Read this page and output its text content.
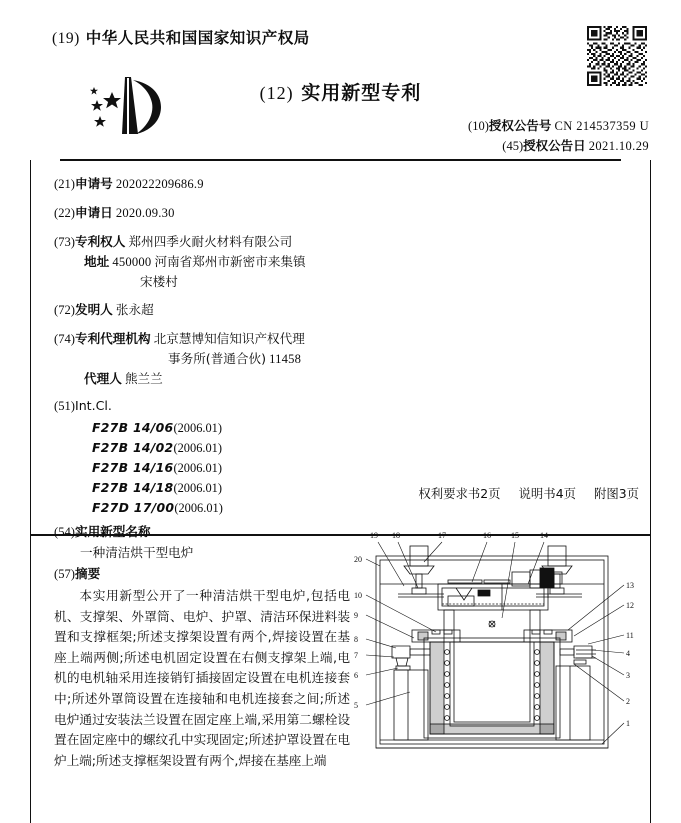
(19) 中华人民共和国国家知识产权局
(12) 实用新型专利
(10)授权公告号 CN 214537359 U
(45)授权公告日 2021.10.29
(21)申请号 202022209686.9
(22)申请日 2020.09.30
(73)专利权人 郑州四季火耐火材料有限公司
地址 450000 河南省郑州市新密市来集镇
宋楼村
(72)发明人 张永超
(74)专利代理机构 北京慧博知信知识产权代理
事务所(普通合伙) 11458
代理人 熊兰兰
(51)Int.Cl.
F27B 14/06(2006.01)
F27B 14/02(2006.01)
F27B 14/16(2006.01)
F27B 14/18(2006.01)
F27D 17/00(2006.01)
权利要求书2页 说明书4页 附图3页
(54)实用新型名称
一种清洁烘干型电炉
(57)摘要

本实用新型公开了一种清洁烘干型电炉,包括电机、支撑架、外罩筒、电炉、护罩、清洁环保进料装置和支撑框架;所述支撑架设置有两个,焊接设置在基座上端两侧;所述电机固定设置在右侧支撑架上端,电机的电机轴采用连接销钉插接固定设置在电机连接套中;所述外罩筒设置在连接轴和电机连接套之间;所述电炉通过安装法兰设置在固定座上端,采用第二螺栓设置在固定座中的螺纹孔中实现固定;所述护罩设置在电炉上端;所述支撑框架设置有两个,焊接在基座上端

19 18	17	16	15	14
20
10
9
8
7
6
5
13
12
11
4
3
2
1
